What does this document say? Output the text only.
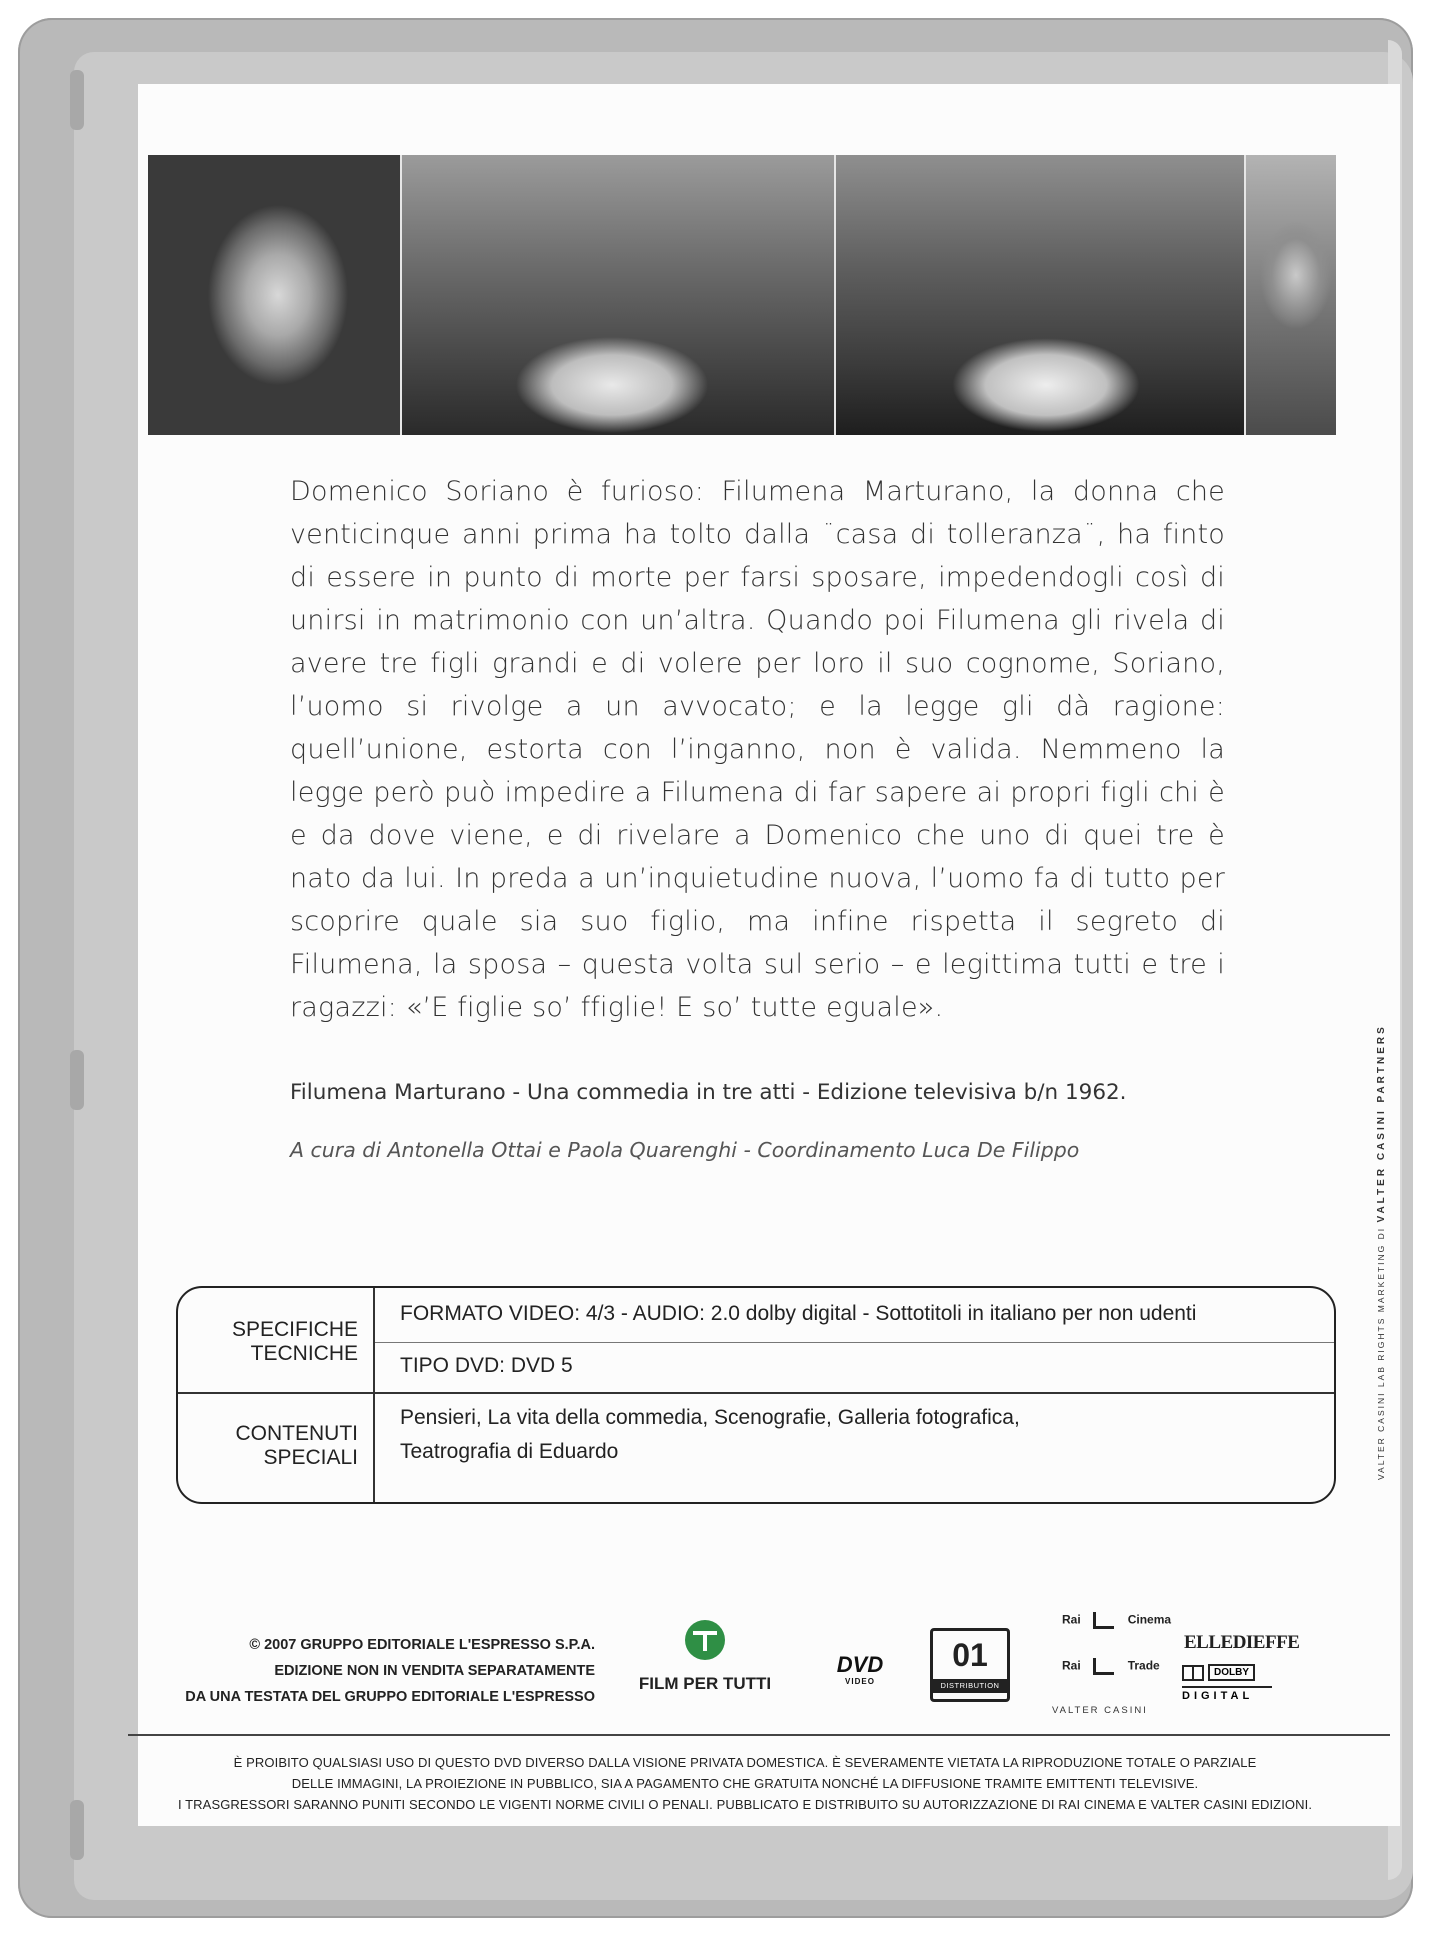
Domenico Soriano è furioso: Filumena Marturano, la donna che venticinque anni prima ha tolto dalla ¨casa di tolleranza¨, ha finto di essere in punto di morte per farsi sposare, impedendogli così di unirsi in matrimonio con un’altra. Quando poi Filumena gli rivela di avere tre figli grandi e di volere per loro il suo cognome, Soriano, l’uomo si rivolge a un avvocato; e la legge gli dà ragione: quell’unione, estorta con l’inganno, non è valida. Nemmeno la legge però può impedire a Filumena di far sapere ai propri figli chi è e da dove viene, e di rivelare a Domenico che uno di quei tre è nato da lui. In preda a un’inquietudine nuova, l’uomo fa di tutto per scoprire quale sia suo figlio, ma infine rispetta il segreto di Filumena, la sposa – questa volta sul serio – e legittima tutti e tre i ragazzi: «’E figlie so’ ffiglie! E so’ tutte eguale».
Filumena Marturano - Una commedia in tre atti - Edizione televisiva b/n 1962.
A cura di Antonella Ottai e Paola Quarenghi - Coordinamento Luca De Filippo
SPECIFICHE
TECNICHE
FORMATO VIDEO: 4/3 - AUDIO: 2.0 dolby digital - Sottotitoli in italiano per non udenti
TIPO DVD: DVD 5
CONTENUTI
SPECIALI
Pensieri, La vita della commedia, Scenografie, Galleria fotografica,
Teatrografia di Eduardo
© 2007 GRUPPO EDITORIALE L'ESPRESSO S.P.A.
EDIZIONE NON IN VENDITA SEPARATAMENTE
DA UNA TESTATA DEL GRUPPO EDITORIALE L'ESPRESSO
FILM PER TUTTI
DVD
VIDEO
01
DISTRIBUTION
Rai	Cinema
Rai	Trade
VALTER CASINI
ELLEDIEFFE
DOLBY
DIGITAL
È PROIBITO QUALSIASI USO DI QUESTO DVD DIVERSO DALLA VISIONE PRIVATA DOMESTICA. È SEVERAMENTE VIETATA LA RIPRODUZIONE TOTALE O PARZIALE
DELLE IMMAGINI, LA PROIEZIONE IN PUBBLICO, SIA A PAGAMENTO CHE GRATUITA NONCHÉ LA DIFFUSIONE TRAMITE EMITTENTI TELEVISIVE.
I TRASGRESSORI SARANNO PUNITI SECONDO LE VIGENTI NORME CIVILI O PENALI. PUBBLICATO E DISTRIBUITO SU AUTORIZZAZIONE DI RAI CINEMA E VALTER CASINI EDIZIONI.
VALTER CASINI LAB RIGHTS MARKETING DI VALTER CASINI PARTNERS
